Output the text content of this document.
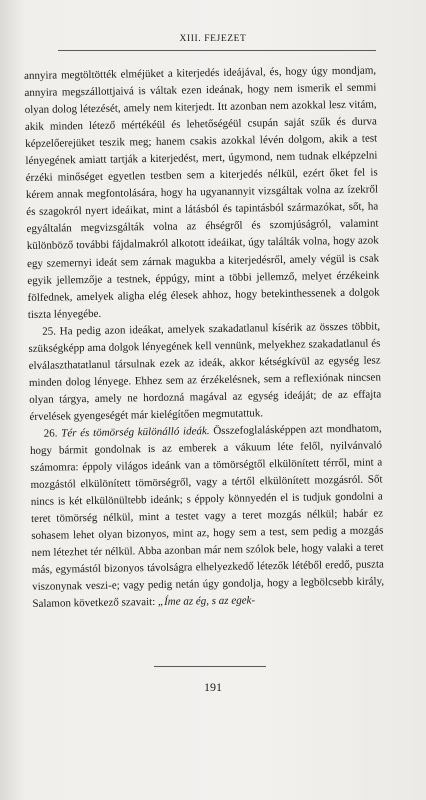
XIII. FEJEZET

annyira megtöltötték elméjüket a kiterjedés ideájával, és, hogy úgy mondjam, annyira megszállottjaivá is váltak ezen ideának, hogy nem ismerik el semmi olyan dolog létezését, amely nem kiterjedt. Itt azonban nem azokkal lesz vitám, akik minden létező mértékéül és lehetőségéül csupán saját szűk és durva képzelőerejüket teszik meg; hanem csakis azokkal lévén dolgom, akik a test lényegének amiatt tartják a kiterjedést, mert, úgymond, nem tudnak elképzelni érzéki minőséget egyetlen testben sem a kiterjedés nélkül, ezért őket fel is kérem annak megfontolására, hogy ha ugyanannyit vizsgáltak volna az ízekről és szagokról nyert ideáikat, mint a látásból és tapintásból származókat, sőt, ha egyáltalán megvizsgálták volna az éhségről és szomjúságról, valamint különböző további fájdalmakról alkotott ideáikat, úgy találták volna, hogy azok egy szemernyi ideát sem zárnak magukba a kiterjedésről, amely végül is csak egyik jellemzője a testnek, éppúgy, mint a többi jellemző, melyet érzékeink fölfednek, amelyek aligha elég élesek ahhoz, hogy betekinthessenek a dolgok tiszta lényegébe.

25. Ha pedig azon ideákat, amelyek szakadatlanul kísérik az összes többit, szükségképp ama dolgok lényegének kell vennünk, melyekhez szakadatlanul és elválaszthatatlanul társulnak ezek az ideák, akkor kétségkívül az egység lesz minden dolog lényege. Ehhez sem az érzékelésnek, sem a reflexiónak nincsen olyan tárgya, amely ne hordozná magával az egység ideáját; de az effajta érvelések gyengeségét már kielégítően megmutattuk.

26. Tér és tömörség különálló ideák. Összefoglalásképpen azt mondhatom, hogy bármit gondolnak is az emberek a vákuum léte felől, nyilvánvaló számomra: éppoly világos ideánk van a tömörségtől elkülönített térről, mint a mozgástól elkülönített tömörségről, vagy a tértől elkülönített mozgásról. Sőt nincs is két elkülönültebb ideánk; s éppoly könnyedén el is tudjuk gondolni a teret tömörség nélkül, mint a testet vagy a teret mozgás nélkül; habár ez sohasem lehet olyan bizonyos, mint az, hogy sem a test, sem pedig a mozgás nem létezhet tér nélkül. Abba azonban már nem szólok bele, hogy valaki a teret más, egymástól bizonyos távolságra elhelyezkedő létezők létéből eredő, puszta viszonynak veszi-e; vagy pedig netán úgy gondolja, hogy a legbölcsebb király, Salamon következő szavait: „Íme az ég, s az egek-

191
